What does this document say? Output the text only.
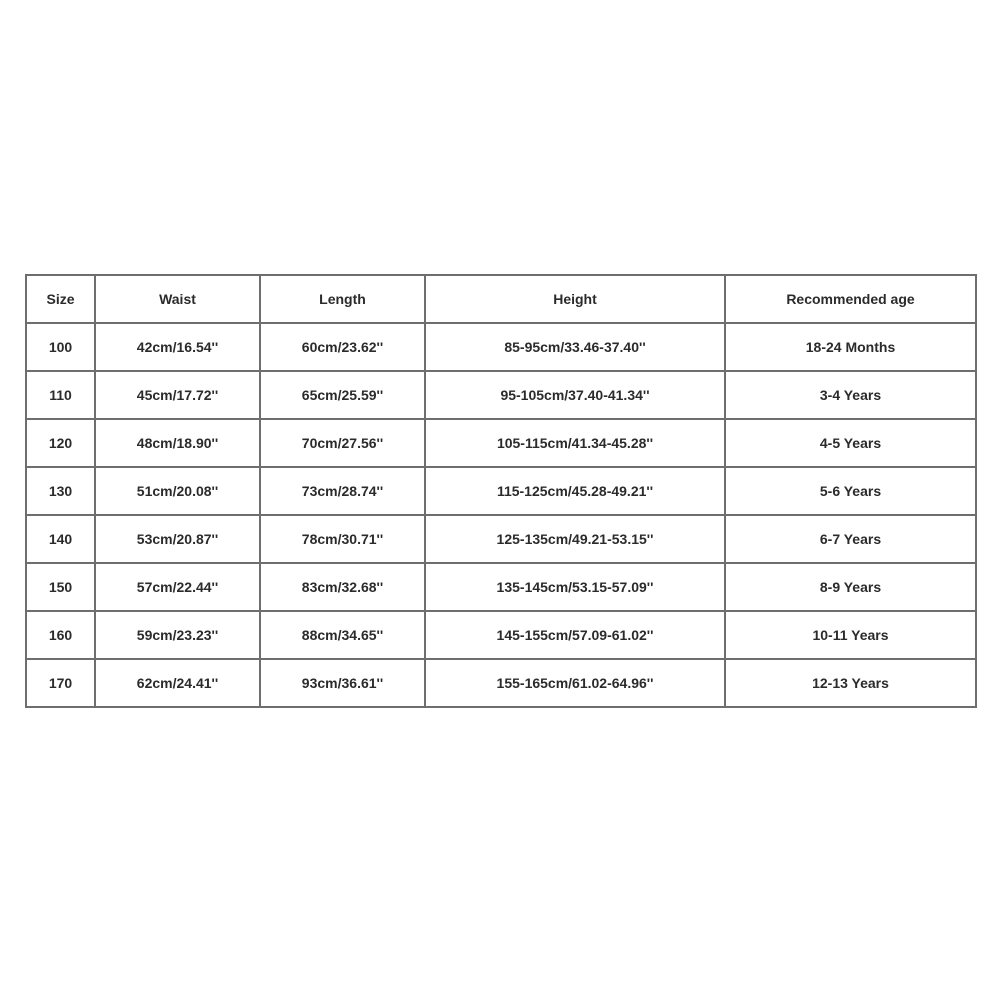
Size	Waist	Length	Height	Recommended age
100	42cm/16.54''	60cm/23.62''	85-95cm/33.46-37.40''	18-24 Months
110	45cm/17.72''	65cm/25.59''	95-105cm/37.40-41.34''	3-4 Years
120	48cm/18.90''	70cm/27.56''	105-115cm/41.34-45.28''	4-5 Years
130	51cm/20.08''	73cm/28.74''	115-125cm/45.28-49.21''	5-6 Years
140	53cm/20.87''	78cm/30.71''	125-135cm/49.21-53.15''	6-7 Years
150	57cm/22.44''	83cm/32.68''	135-145cm/53.15-57.09''	8-9 Years
160	59cm/23.23''	88cm/34.65''	145-155cm/57.09-61.02''	10-11 Years
170	62cm/24.41''	93cm/36.61''	155-165cm/61.02-64.96''	12-13 Years
